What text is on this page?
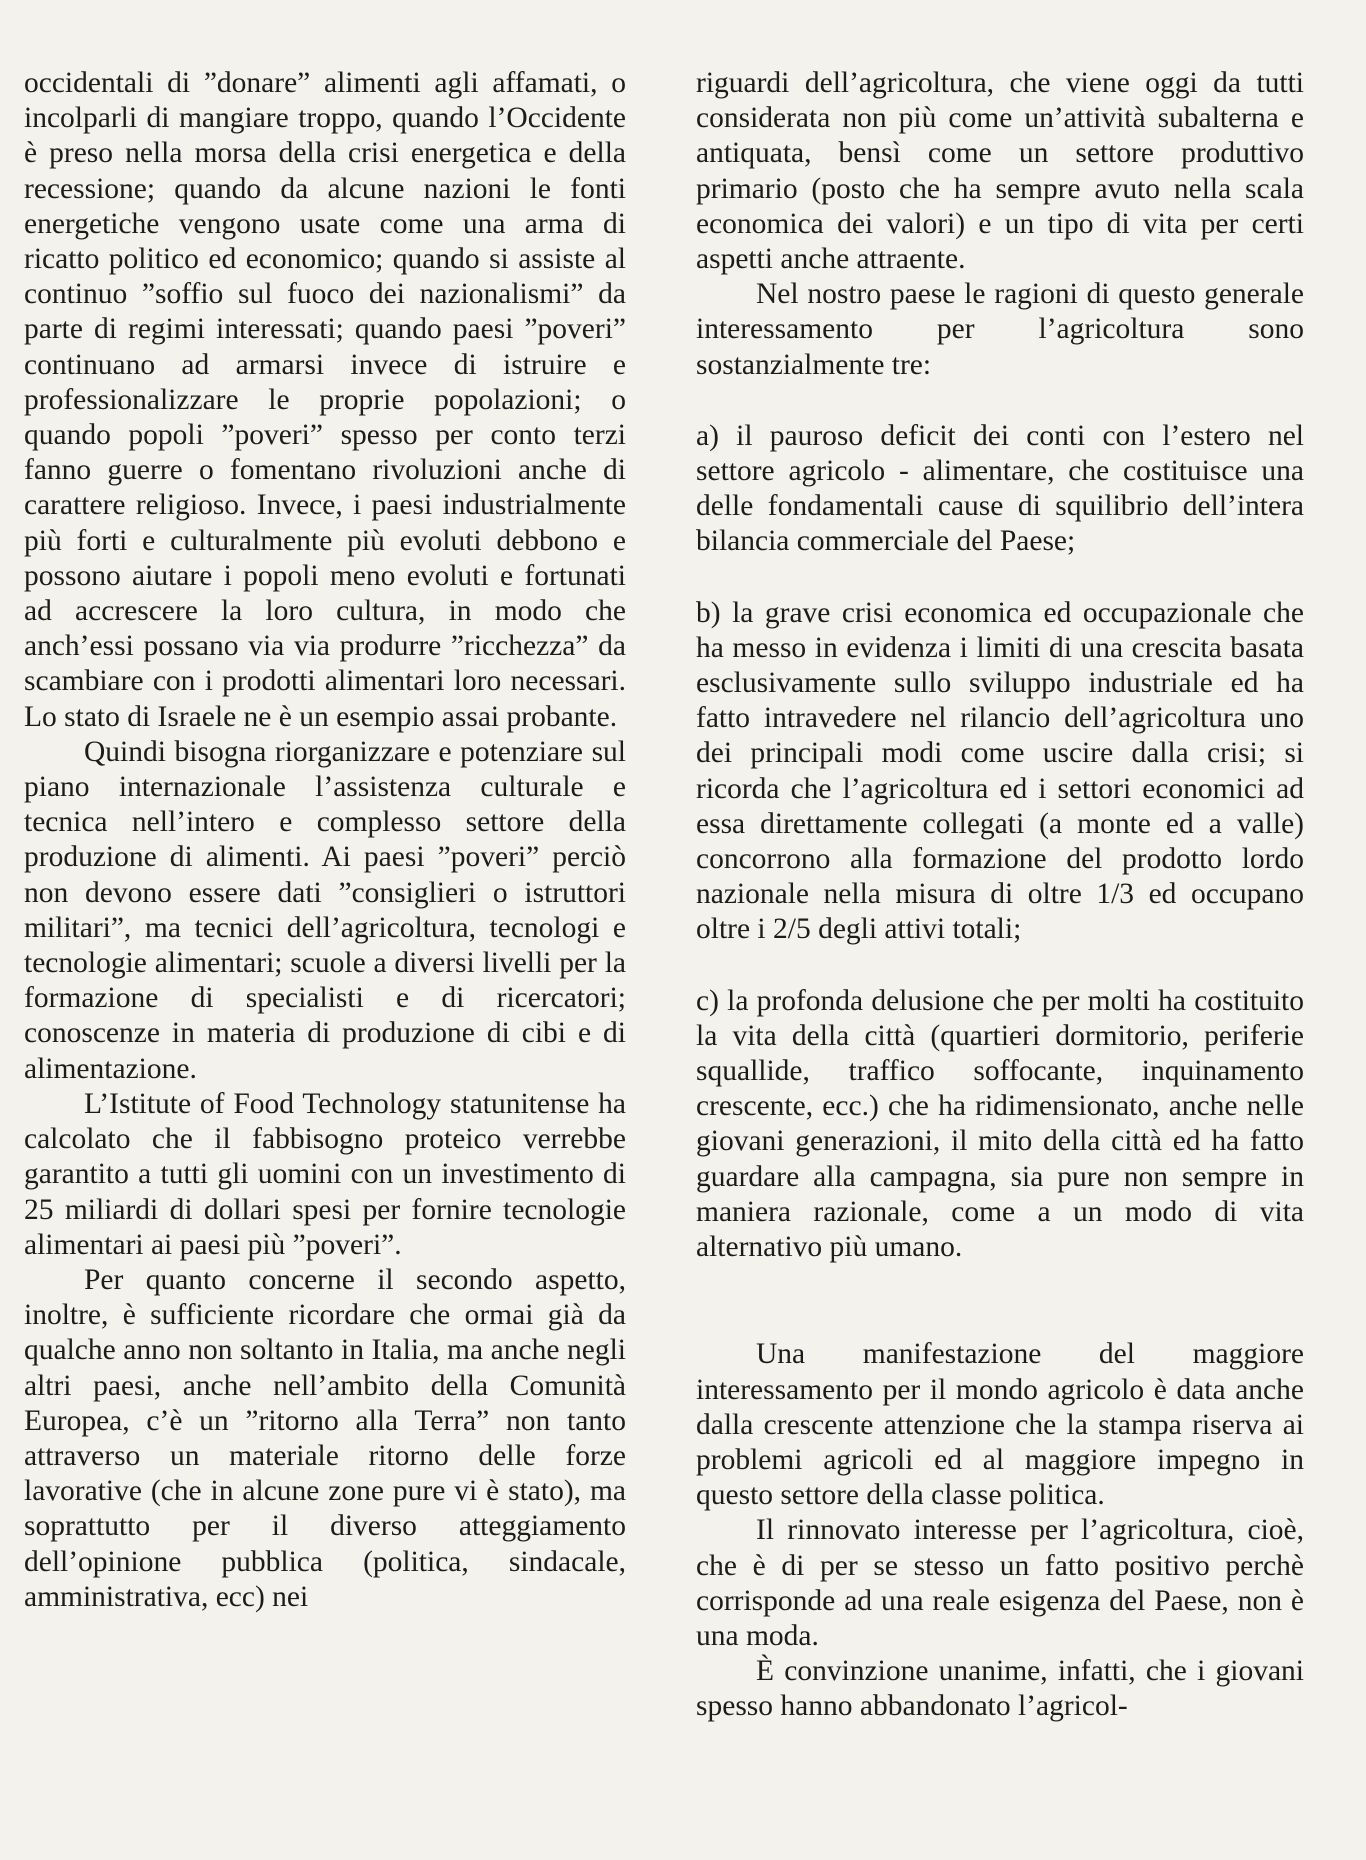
occidentali di ”donare” alimenti agli affamati, o incolparli di mangiare troppo, quando l’Occidente è preso nella morsa della crisi energetica e della recessione; quando da alcune nazioni le fonti energetiche vengono usate come una arma di ricatto politico ed economico; quando si assiste al continuo ”soffio sul fuoco dei nazionalismi” da parte di regimi interessati; quando paesi ”poveri” continuano ad armarsi invece di istruire e professionalizzare le proprie popolazioni; o quando popoli ”poveri” spesso per conto terzi fanno guerre o fomentano rivoluzioni anche di carattere religioso. Invece, i paesi industrialmente più forti e culturalmente più evoluti debbono e possono aiutare i popoli meno evoluti e fortunati ad accrescere la loro cultura, in modo che anch’essi possano via via produrre ”ricchezza” da scambiare con i prodotti alimentari loro necessari. Lo stato di Israele ne è un esempio assai probante.

Quindi bisogna riorganizzare e potenziare sul piano internazionale l’assistenza culturale e tecnica nell’intero e complesso settore della produzione di alimenti. Ai paesi ”poveri” perciò non devono essere dati ”consiglieri o istruttori militari”, ma tecnici dell’agricoltura, tecnologi e tecnologie alimentari; scuole a diversi livelli per la formazione di specialisti e di ricercatori; conoscenze in materia di produzione di cibi e di alimentazione.

L’Istitute of Food Technology statunitense ha calcolato che il fabbisogno proteico verrebbe garantito a tutti gli uomini con un investimento di 25 miliardi di dollari spesi per fornire tecnologie alimentari ai paesi più ”poveri”.

Per quanto concerne il secondo aspetto, inoltre, è sufficiente ricordare che ormai già da qualche anno non soltanto in Italia, ma anche negli altri paesi, anche nell’ambito della Comunità Europea, c’è un ”ritorno alla Terra” non tanto attraverso un materiale ritorno delle forze lavorative (che in alcune zone pure vi è stato), ma soprattutto per il diverso atteggiamento dell’opinione pubblica (politica, sindacale, amministrativa, ecc) nei

riguardi dell’agricoltura, che viene oggi da tutti considerata non più come un’attività subalterna e antiquata, bensì come un settore produttivo primario (posto che ha sempre avuto nella scala economica dei valori) e un tipo di vita per certi aspetti anche attraente.

Nel nostro paese le ragioni di questo generale interessamento per l’agricoltura sono sostanzialmente tre:

a) il pauroso deficit dei conti con l’estero nel settore agricolo - alimentare, che costituisce una delle fondamentali cause di squilibrio dell’intera bilancia commerciale del Paese;

b) la grave crisi economica ed occupazionale che ha messo in evidenza i limiti di una crescita basata esclusivamente sullo sviluppo industriale ed ha fatto intravedere nel rilancio dell’agricoltura uno dei principali modi come uscire dalla crisi; si ricorda che l’agricoltura ed i settori economici ad essa direttamente collegati (a monte ed a valle) concorrono alla formazione del prodotto lordo nazionale nella misura di oltre 1/3 ed occupano oltre i 2/5 degli attivi totali;

c) la profonda delusione che per molti ha costituito la vita della città (quartieri dormitorio, periferie squallide, traffico soffocante, inquinamento crescente, ecc.) che ha ridimensionato, anche nelle giovani generazioni, il mito della città ed ha fatto guardare alla campagna, sia pure non sempre in maniera razionale, come a un modo di vita alternativo più umano.

Una manifestazione del maggiore interessamento per il mondo agricolo è data anche dalla crescente attenzione che la stampa riserva ai problemi agricoli ed al maggiore impegno in questo settore della classe politica.

Il rinnovato interesse per l’agricoltura, cioè, che è di per se stesso un fatto positivo perchè corrisponde ad una reale esigenza del Paese, non è una moda.

È convinzione unanime, infatti, che i giovani spesso hanno abbandonato l’agricol-
